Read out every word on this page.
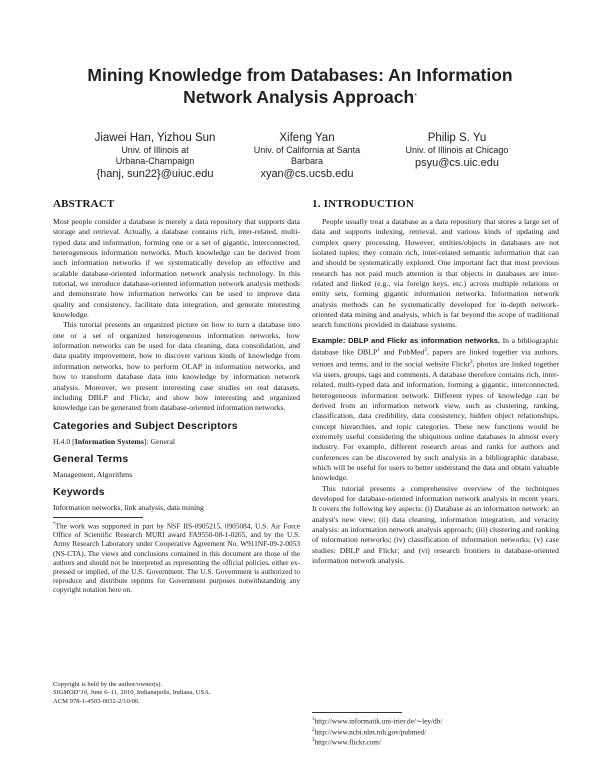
Mining Knowledge from Databases: An Information
Network Analysis Approach*
Jiawei Han, Yizhou Sun
Univ. of Illinois at
Urbana-Champaign
{hanj, sun22}@uiuc.edu
Xifeng Yan
Univ. of California at Santa
Barbara
xyan@cs.ucsb.edu
Philip S. Yu
Univ. of Illinois at Chicago
psyu@cs.uic.edu
ABSTRACT

Most people consider a database is merely a data repository that supports data storage and retrieval. Actually, a database contains rich, inter-related, multi-typed data and information, forming one or a set of gigantic, interconnected, heterogeneous information networks. Much knowledge can be derived from such information networks if we systematically develop an effective and scalable database-oriented information network analysis technology. In this tutorial, we introduce database-oriented information network analysis methods and demonstrate how information networks can be used to improve data quality and consistency, facilitate data integration, and generate interesting knowledge.

This tutorial presents an organized picture on how to turn a database into one or a set of organized heterogeneous information networks, how information networks can be used for data cleaning, data consolidation, and data quality improvement, how to discover various kinds of knowledge from information networks, how to perform OLAP in information networks, and how to transform database data into knowledge by information network analysis. Moreover, we present interesting case studies on real datasets, including DBLP and Flickr, and show how interesting and organized knowledge can be generated from database-oriented information networks.

Categories and Subject Descriptors

H.4.0 [Information Systems]: General

General Terms

Management, Algorithms

Keywords

Information networks, link analysis, data mining

*The work was supported in part by NSF IIS-0905215, 0905084, U.S. Air Force Office of Scientific Research MURI award FA9550-08-1-0265, and by the U.S. Army Research Laboratory under Cooperative Agreement No. W911NF-09-2-0053 (NS-CTA). The views and conclusions contained in this document are those of the authors and should not be interpreted as representing the official policies, either ex- pressed or implied, of the U.S. Government. The U.S. Government is authorized to reproduce and distribute reprints for Government purposes notwithstanding any copyright notation here on.

Copyright is held by the author/owner(s).
SIGMOD’10, June 6–11, 2010, Indianapolis, Indiana, USA.
ACM 978-1-4503-0032-2/10/06.
1. INTRODUCTION

People usually treat a database as a data repository that stores a large set of data and supports indexing, retrieval, and various kinds of updating and complex query processing. However, entities/objects in databases are not isolated tuples; they contain rich, inter-related semantic information that can and should be systematically explored. One important fact that most previous research has not paid much attention is that objects in databases are inter-related and linked (e.g., via foreign keys, etc.) across multiple relations or entity sets, forming gigantic information networks. Information network analysis methods can be systematically developed for in-depth network-oriented data mining and analysis, which is far beyond the scope of traditional search functions provided in database systems.

Example: DBLP and Flickr as information networks. In a bibliographic database like DBLP$^1$ and PubMed$^2$, papers are linked together via authors, venues and terms, and in the social website Flickr$^3$, photos are linked together via users, groups, tags and comments. A database therefore contains rich, inter-related, multi-typed data and information, forming a gigantic, interconnected, heterogeneous information network. Different types of knowledge can be derived from an information network view, such as clustering, ranking, classification, data credibility, data consistency, hidden object relationships, concept hierarchies, and topic categories. These new functions would be extremely useful considering the ubiquitous online databases in almost every industry. For example, different research areas and ranks for authors and conferences can be discovered by such analysis in a bibliographic database, which will be useful for users to better understand the data and obtain valuable knowledge.

This tutorial presents a comprehensive overview of the techniques developed for database-oriented information network analysis in recent years. It covers the following key aspects: (i) Database as an information network: an analyst's new view; (ii) data cleaning, information integration, and veracity analysis: an information network analysis approach; (iii) clustering and ranking of information networks; (iv) classification of information networks; (v) case studies: DBLP and Flickr; and (vi) research frontiers in database-oriented information network analysis.

$^1$http://www.informatik.uni-trier.de/∼ley/db/
$^2$http://www.ncbi.nlm.nih.gov/pubmed/
$^3$http://www.flickr.com/
